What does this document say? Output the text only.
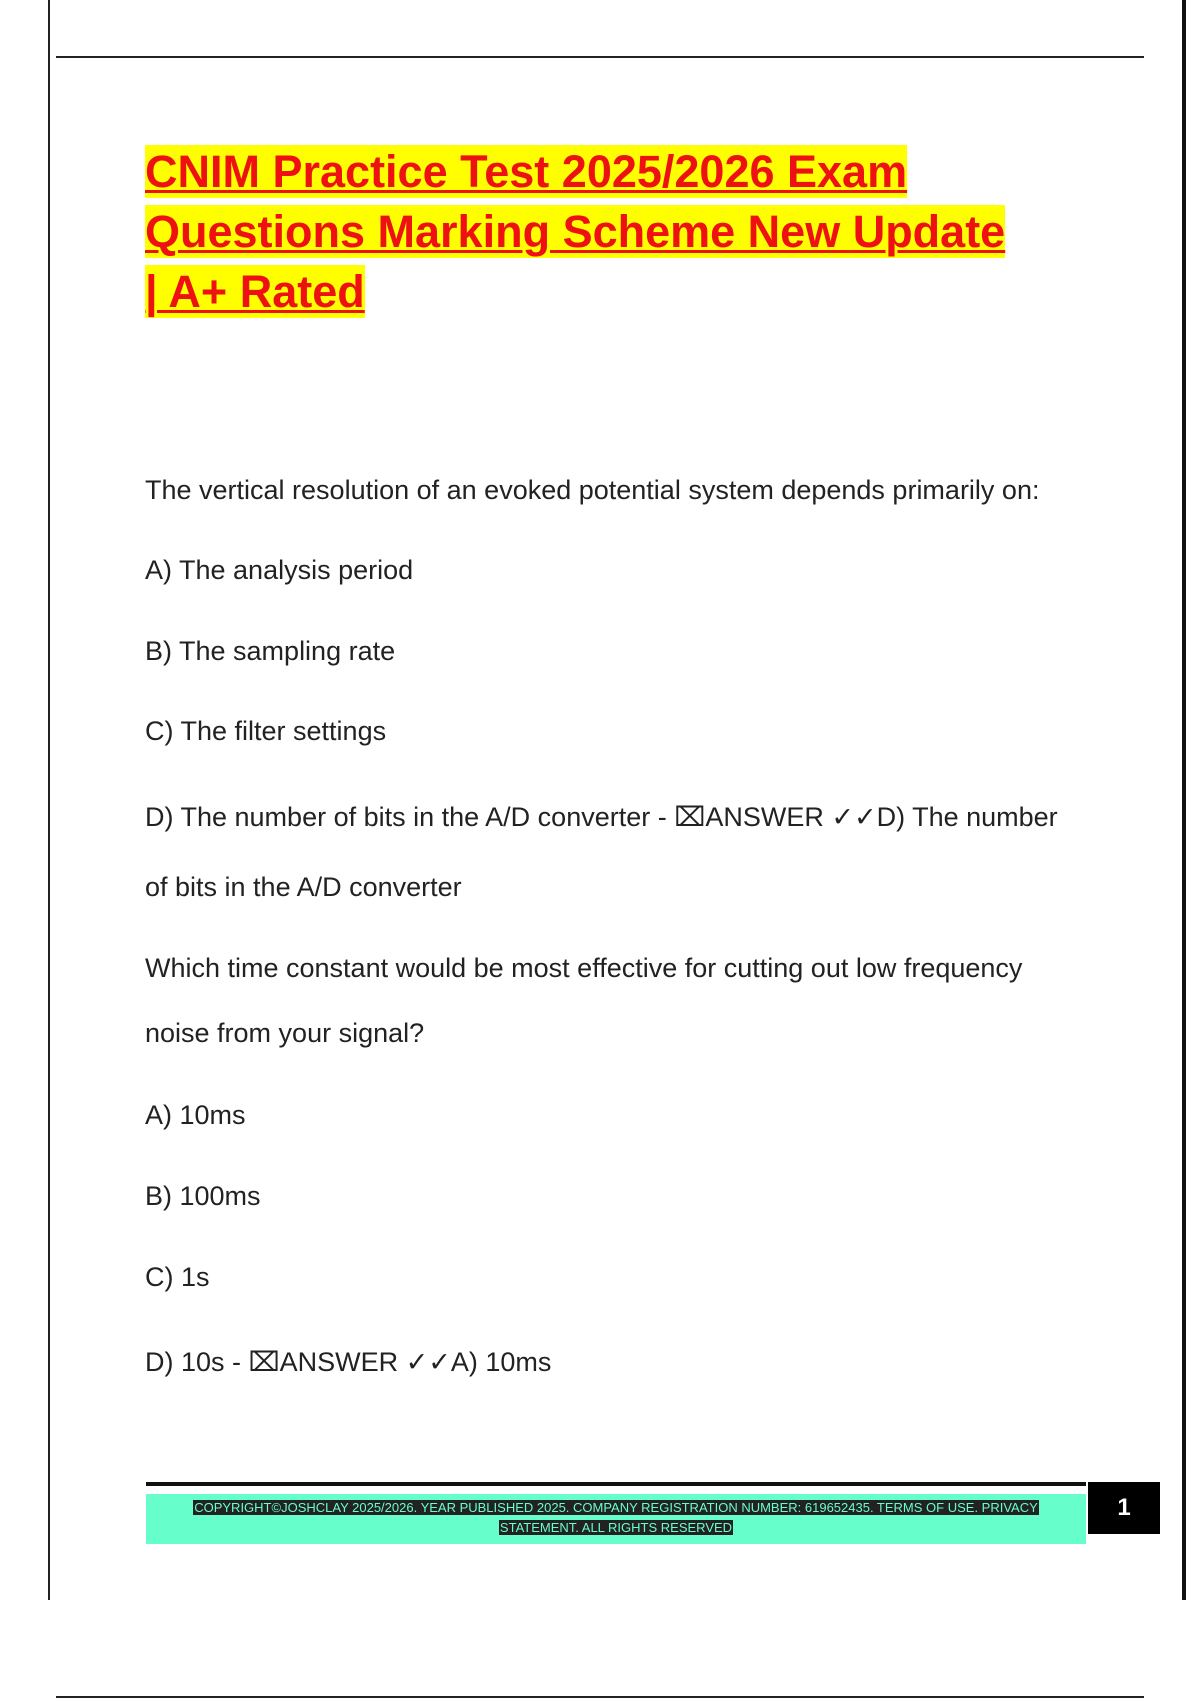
CNIM Practice Test 2025/2026 Exam
Questions Marking Scheme New Update
| A+ Rated
The vertical resolution of an evoked potential system depends primarily on:
A) The analysis period
B) The sampling rate
C) The filter settings
D) The number of bits in the A/D converter - ⌧ANSWER ✓✓D) The number
of bits in the A/D converter
Which time constant would be most effective for cutting out low frequency
noise from your signal?
A) 10ms
B) 100ms
C) 1s
D) 10s - ⌧ANSWER ✓✓A) 10ms
COPYRIGHT©JOSHCLAY 2025/2026. YEAR PUBLISHED 2025. COMPANY REGISTRATION NUMBER: 619652435. TERMS OF USE. PRIVACY
STATEMENT. ALL RIGHTS RESERVED
1
